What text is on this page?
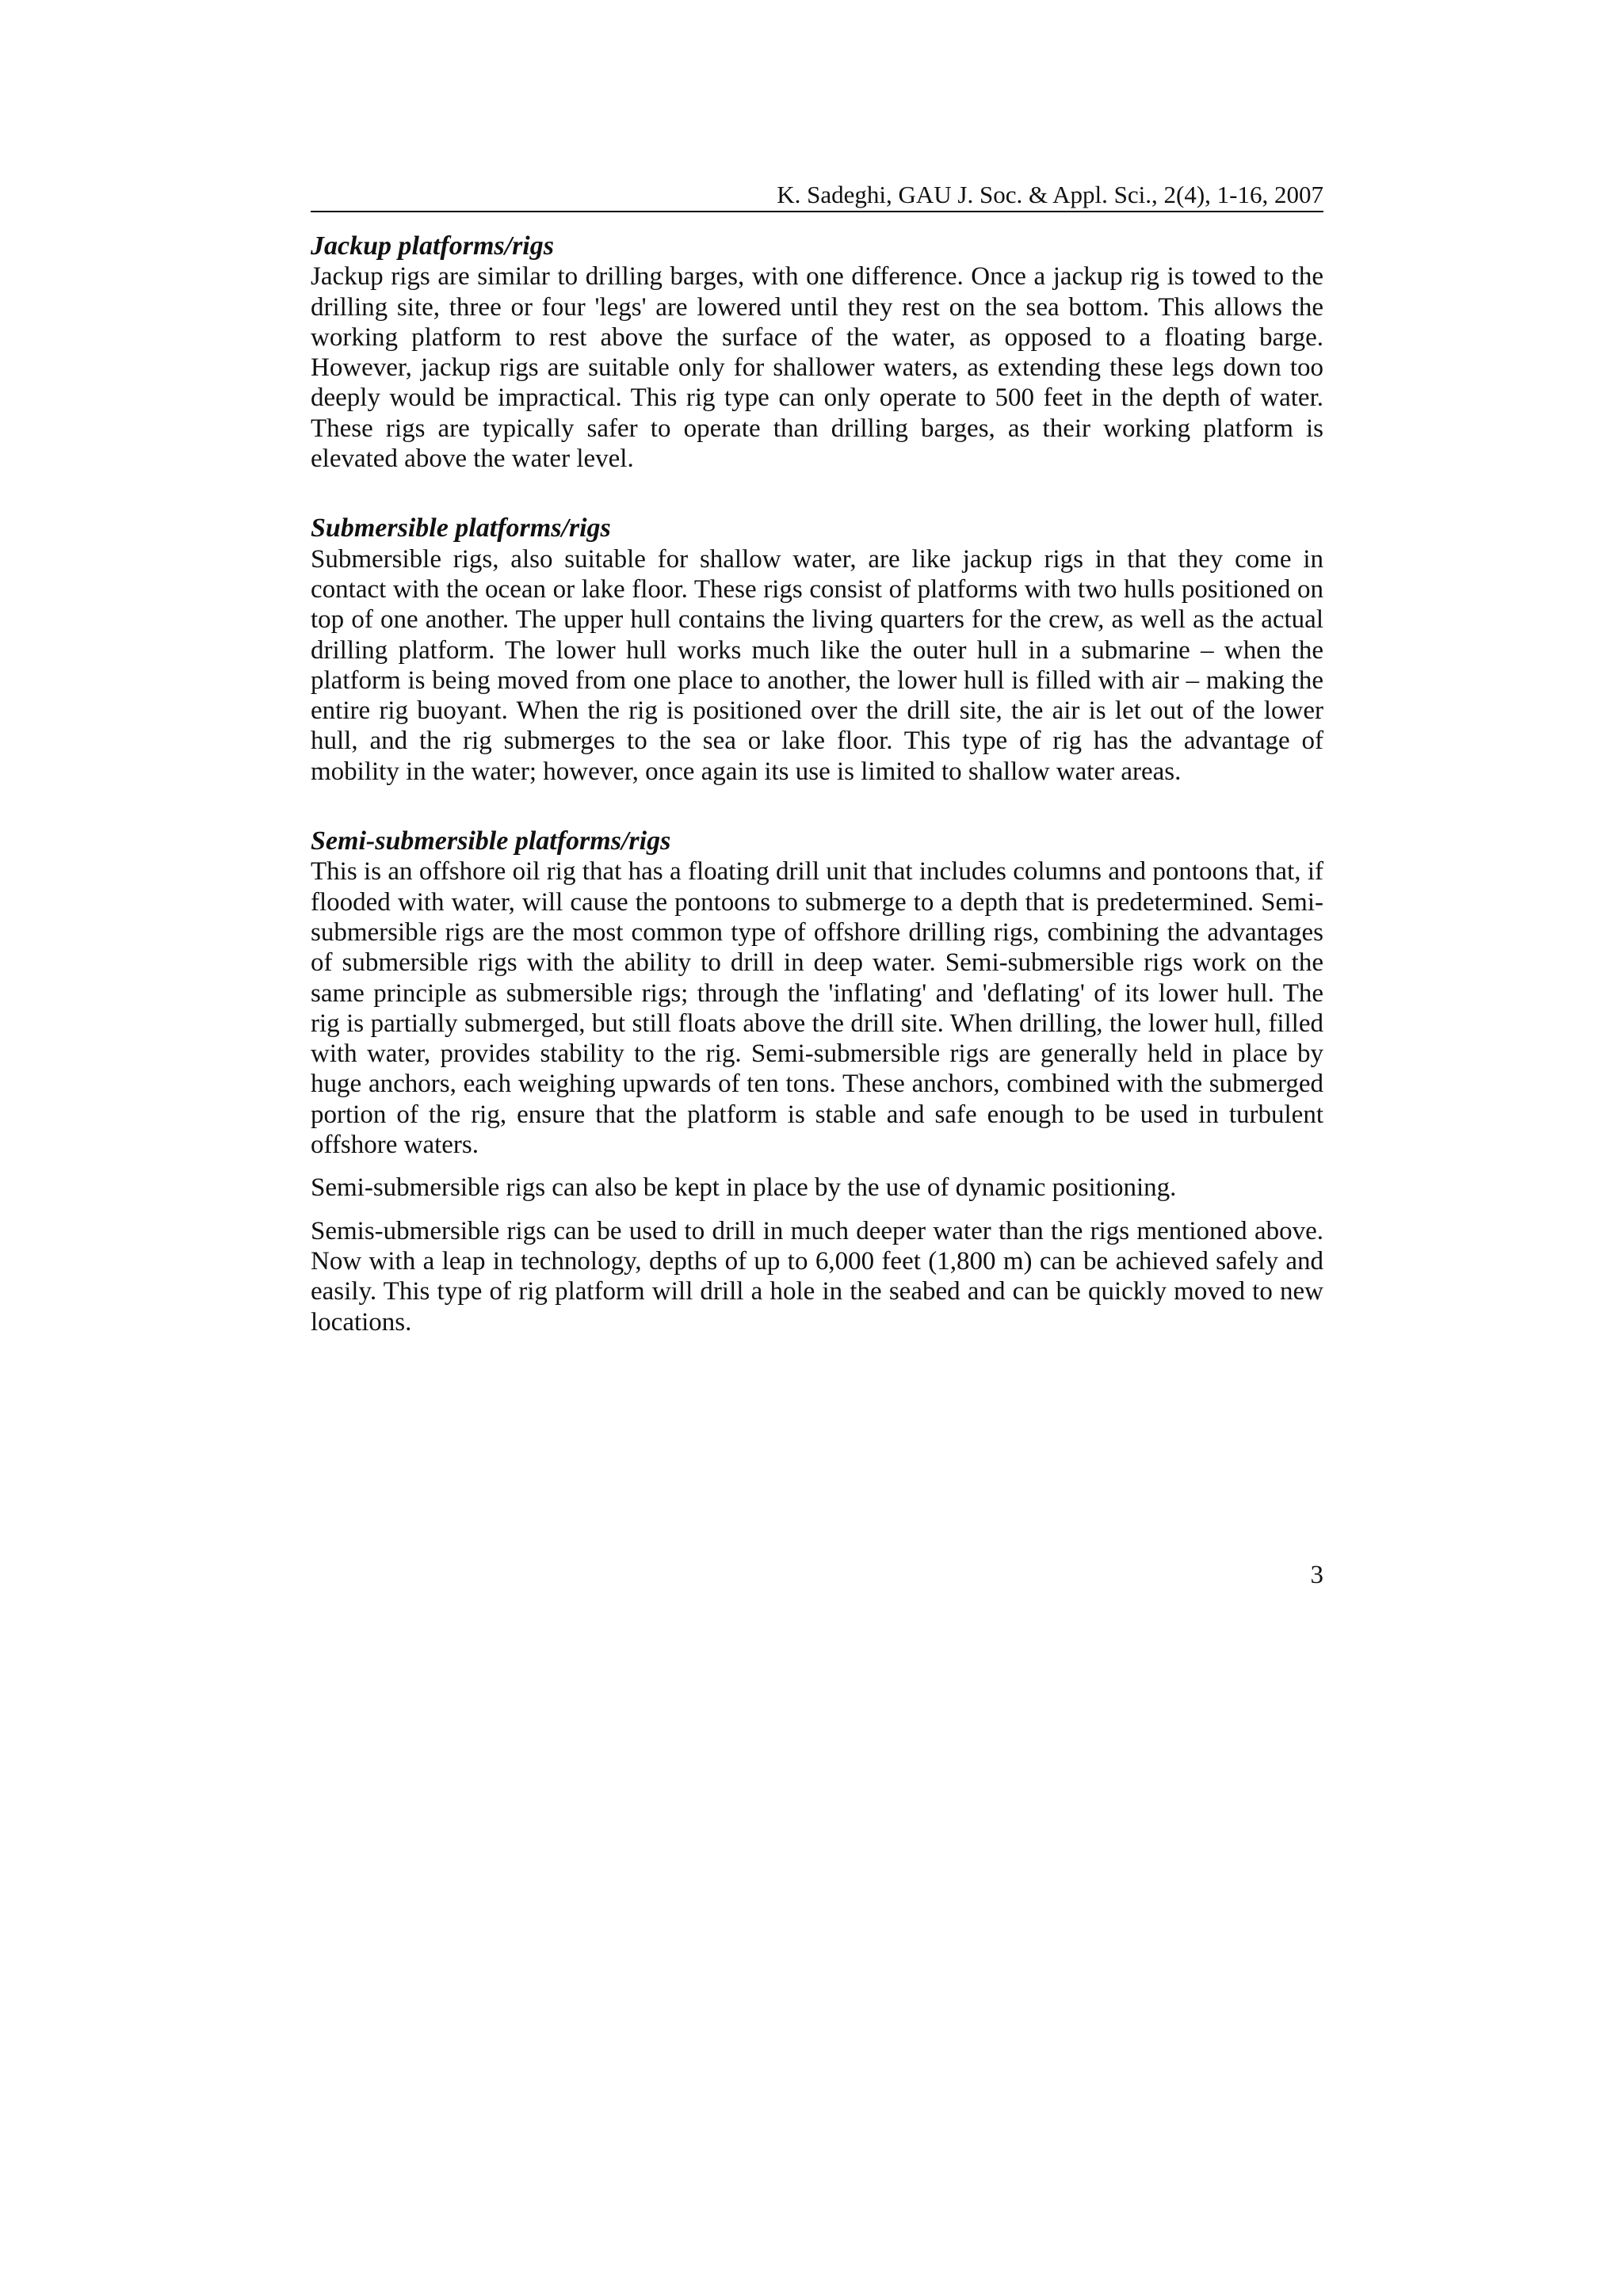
K. Sadeghi, GAU J. Soc. & Appl. Sci., 2(4), 1-16, 2007
Jackup platforms/rigs

Jackup rigs are similar to drilling barges, with one difference. Once a jackup rig is towed to the drilling site, three or four 'legs' are lowered until they rest on the sea bottom. This allows the working platform to rest above the surface of the water, as opposed to a floating barge. However, jackup rigs are suitable only for shallower waters, as extending these legs down too deeply would be impractical. This rig type can only operate to 500 feet in the depth of water. These rigs are typically safer to operate than drilling barges, as their working platform is elevated above the water level.

Submersible platforms/rigs

Submersible rigs, also suitable for shallow water, are like jackup rigs in that they come in contact with the ocean or lake floor. These rigs consist of platforms with two hulls positioned on top of one another. The upper hull contains the living quarters for the crew, as well as the actual drilling platform. The lower hull works much like the outer hull in a submarine – when the platform is being moved from one place to another, the lower hull is filled with air – making the entire rig buoyant. When the rig is positioned over the drill site, the air is let out of the lower hull, and the rig submerges to the sea or lake floor. This type of rig has the advantage of mobility in the water; however, once again its use is limited to shallow water areas.

Semi-submersible platforms/rigs

This is an offshore oil rig that has a floating drill unit that includes columns and pontoons that, if flooded with water, will cause the pontoons to submerge to a depth that is predetermined. Semi-submersible rigs are the most common type of offshore drilling rigs, combining the advantages of submersible rigs with the ability to drill in deep water. Semi-submersible rigs work on the same principle as submersible rigs; through the 'inflating' and 'deflating' of its lower hull. The rig is partially submerged, but still floats above the drill site. When drilling, the lower hull, filled with water, provides stability to the rig. Semi-submersible rigs are generally held in place by huge anchors, each weighing upwards of ten tons. These anchors, combined with the submerged portion of the rig, ensure that the platform is stable and safe enough to be used in turbulent offshore waters.

Semi-submersible rigs can also be kept in place by the use of dynamic positioning.

Semis-ubmersible rigs can be used to drill in much deeper water than the rigs mentioned above. Now with a leap in technology, depths of up to 6,000 feet (1,800 m) can be achieved safely and easily. This type of rig platform will drill a hole in the seabed and can be quickly moved to new locations.

3
